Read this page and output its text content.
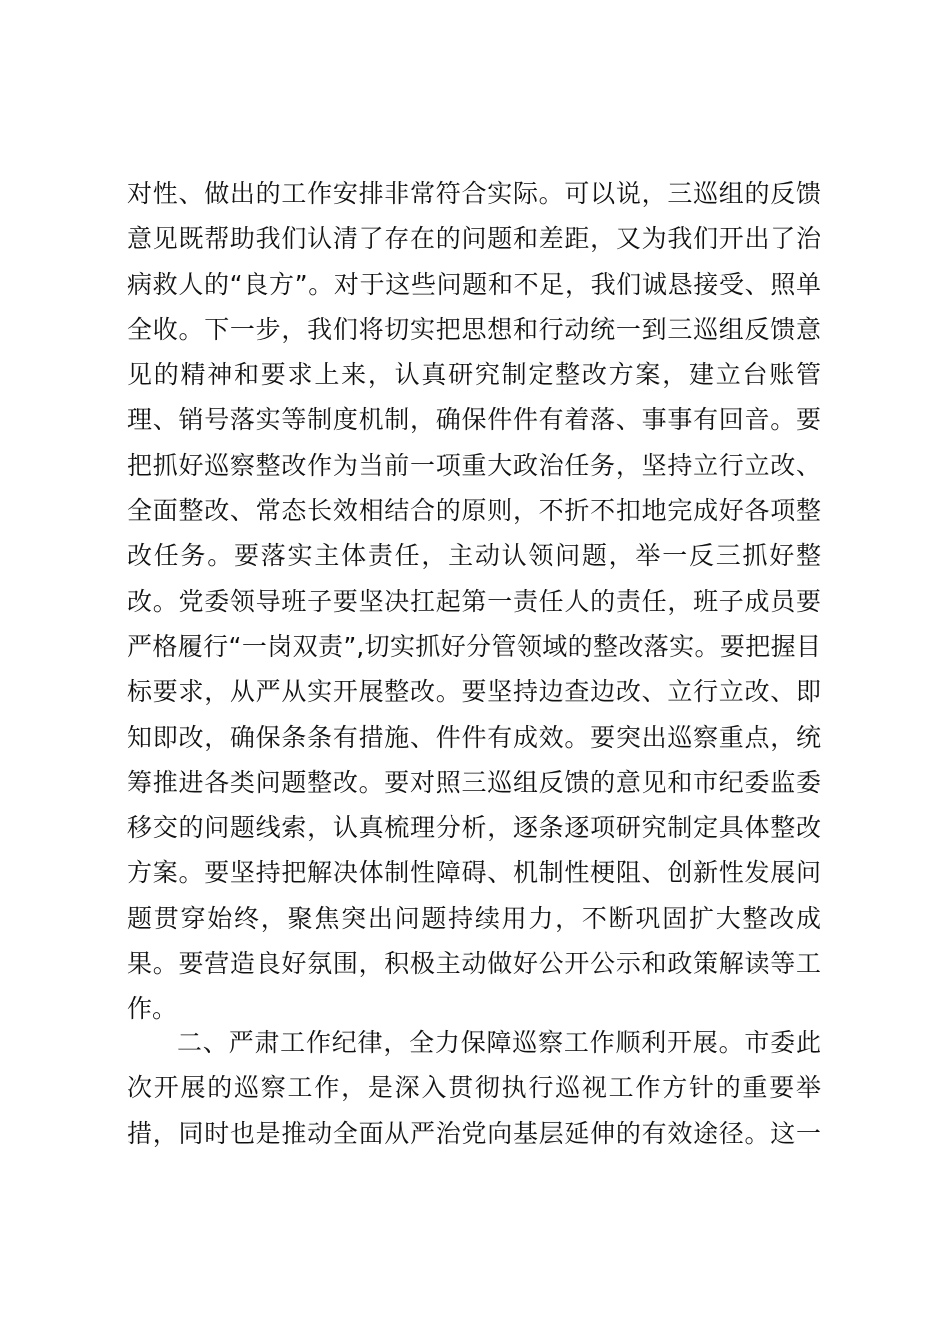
对性、做出的工作安排非常符合实际。可以说，三巡组的反馈
意见既帮助我们认清了存在的问题和差距，又为我们开出了治
病救人的“良方”。对于这些问题和不足，我们诚恳接受、照单
全收。下一步，我们将切实把思想和行动统一到三巡组反馈意
见的精神和要求上来，认真研究制定整改方案，建立台账管
理、销号落实等制度机制，确保件件有着落、事事有回音。要
把抓好巡察整改作为当前一项重大政治任务，坚持立行立改、
全面整改、常态长效相结合的原则，不折不扣地完成好各项整
改任务。要落实主体责任，主动认领问题，举一反三抓好整
改。党委领导班子要坚决扛起第一责任人的责任，班子成员要
严格履行“一岗双责”,切实抓好分管领域的整改落实。要把握目
标要求，从严从实开展整改。要坚持边查边改、立行立改、即
知即改，确保条条有措施、件件有成效。要突出巡察重点，统
筹推进各类问题整改。要对照三巡组反馈的意见和市纪委监委
移交的问题线索，认真梳理分析，逐条逐项研究制定具体整改
方案。要坚持把解决体制性障碍、机制性梗阻、创新性发展问
题贯穿始终，聚焦突出问题持续用力，不断巩固扩大整改成
果。要营造良好氛围，积极主动做好公开公示和政策解读等工
作。
二、严肃工作纪律，全力保障巡察工作顺利开展。市委此
次开展的巡察工作，是深入贯彻执行巡视工作方针的重要举
措，同时也是推动全面从严治党向基层延伸的有效途径。这一
